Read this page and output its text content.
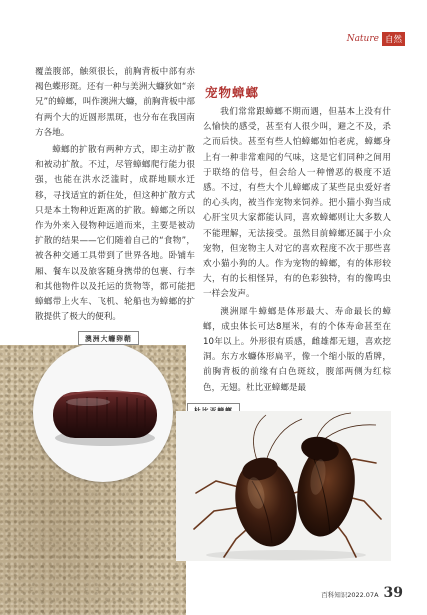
Nature 自然

覆盖腹部，触须很长，前胸背板中部有赤褐色蝶形斑。还有一种与美洲大蠊狄如“亲兄”的蟑螂，叫作澳洲大蠊，前胸背板中部有两个大的近圆形黑斑，也分布在我国南方各地。

蟑螂的扩散有两种方式，即主动扩散和被动扩散。不过，尽管蟑螂爬行能力很强，也能在洪水泛滥时，成群地顺水迁移，寻找适宜的新住处，但这种扩散方式只是本土物种近距离的扩散。蟑螂之所以作为外来入侵物种远道而来，主要是被动扩散的结果——它们随着自己的“食物”，被各种交通工具带到了世界各地。卧铺车厢、餐车以及旅客随身携带的包裹、行李和其他物件以及托运的货物等，都可能把蟑螂带上火车、飞机、轮船也为蟑螂的扩散提供了极大的便利。

宠物蟑螂

我们常常跟蟑螂不期而遇，但基本上没有什么愉快的感受，甚至有人很少叫，避之不及，杀之而后快。甚至有些人怕蟑螂如怕老虎，蟑螂身上有一种非常难闻的气味，这是它们同种之间用于联络的信号，但会给人一种憎恶的极度不适感。不过，有些大个儿蟑螂成了某些昆虫爱好者的心头肉，被当作宠物来饲养。把小猫小狗当成心肝宝贝大家都能认同，喜欢蟑螂则让大多数人不能理解，无法接受。虽然目前蟑螂还属于小众宠物，但宠物主人对它的喜欢程度不次于那些喜欢小猫小狗的人。作为宠物的蟑螂，有的体形较大，有的长相怪异，有的色彩独特，有的像鸣虫一样会发声。

澳洲犀牛蟑螂是体形最大、寿命最长的蟑螂，成虫体长可达8厘米，有的个体寿命甚至在10年以上。外形很有质感，雌雄都无翅，喜欢挖洞。东方水蠊体形扁平，像一个缩小版的盾牌，前胸背板的前缘有白色斑纹，腹部两侧为红棕色，无翅。杜比亚蟑螂是最

澳洲大蠊卵鞘
百科知识2022.07A 39
